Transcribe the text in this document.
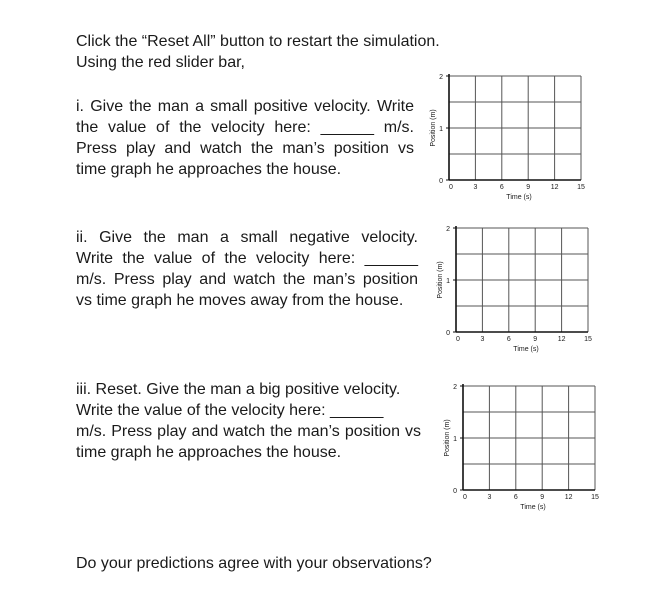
Click the “Reset All” button to restart the simulation.
Using the red slider bar,
i. Give the man a small positive velocity. Write
the value of the velocity here: ______ m/s.
Press play and watch the man’s position vs
time graph he approaches the house.
ii. Give the man a small negative velocity.
Write the value of the velocity here: ______
m/s. Press play and watch the man’s position
vs time graph he moves away from the house.
iii. Reset. Give the man a big positive velocity.
Write the value of the velocity here: ______
m/s. Press play and watch the man’s position vs
time graph he approaches the house.
Do your predictions agree with your observations?
0
1
2
0	3	6	9	12	15
Time (s)
Position (m)
0
1
2
0	3	6	9	12	15
Time (s)
Position (m)
0
1
2
0	3	6	9	12	15
Time (s)
Position (m)
